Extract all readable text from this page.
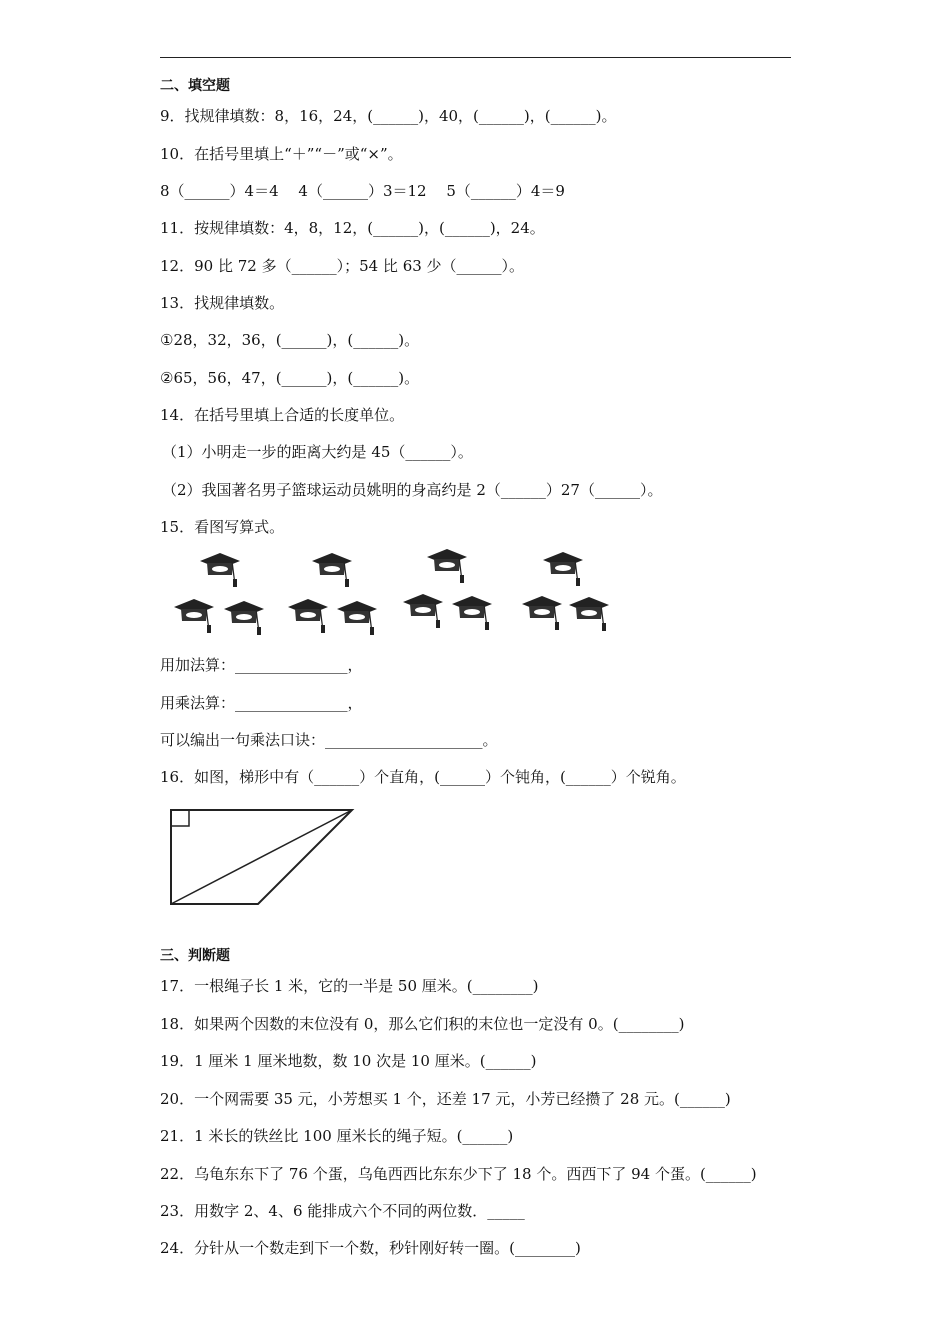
二、填空题
9．找规律填数：8，16，24，(______)，40，(______)，(______)。
10．在括号里填上“＋”“－”或“×”。
8（______）4＝4　 4（______）3＝12　 5（______）4＝9
11．按规律填数：4，8，12，(______)，(______)，24。
12．90 比 72 多（______）；54 比 63 少（______）。
13．找规律填数。
①28，32，36，(______)，(______)。
②65，56，47，(______)，(______)。
14．在括号里填上合适的长度单位。
（1）小明走一步的距离大约是 45（______）。
（2）我国著名男子篮球运动员姚明的身高约是 2（______）27（______）。
15．看图写算式。
用加法算：_______________，
用乘法算：_______________，
可以编出一句乘法口诀：_____________________。
16．如图，梯形中有（______）个直角，(______）个钝角，(______）个锐角。
三、判断题
17．一根绳子长 1 米，它的一半是 50 厘米。(________)
18．如果两个因数的末位没有 0，那么它们积的末位也一定没有 0。(________)
19．1 厘米 1 厘米地数，数 10 次是 10 厘米。(______)
20．一个网需要 35 元，小芳想买 1 个，还差 17 元，小芳已经攒了 28 元。(______)
21．1 米长的铁丝比 100 厘米长的绳子短。(______)
22．乌龟东东下了 76 个蛋，乌龟西西比东东少下了 18 个。西西下了 94 个蛋。(______)
23．用数字 2、4、6 能排成六个不同的两位数．_____
24．分针从一个数走到下一个数，秒针刚好转一圈。(________)
